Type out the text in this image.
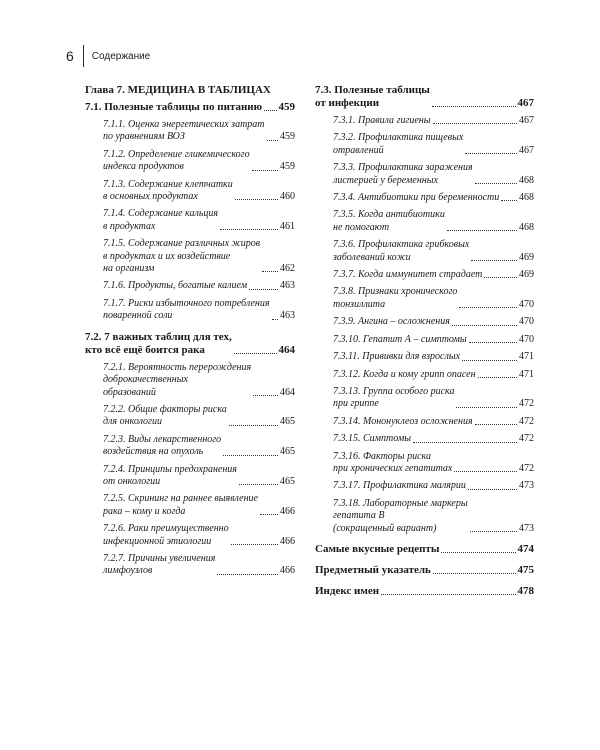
6 Содержание
Глава 7. МЕДИЦИНА В ТАБЛИЦАХ
7.1. Полезные таблицы по питанию 459
7.1.1. Оценка энергетических затрат
по уравнениям ВОЗ	459
7.1.2. Определение гликемического
индекса продуктов	459
7.1.3. Содержание клетчатки
в основных продуктах	460
7.1.4. Содержание кальция
в продуктах	461
7.1.5. Содержание различных жиров
в продуктах и их воздействие
на организм	462
7.1.6. Продукты, богатые калием	463
7.1.7. Риски избыточного потребления
поваренной соли	463
7.2. 7 важных таблиц для тех,
кто всё ещё боится рака	464
7.2.1. Вероятность перерождения
доброкачественных
образований	464
7.2.2. Общие факторы риска
для онкологии	465
7.2.3. Виды лекарственного
воздействия на опухоль	465
7.2.4. Принципы предохранения
от онкологии	465
7.2.5. Скрининг на раннее выявление
рака – кому и когда	466
7.2.6. Раки преимущественно
инфекционной этиологии	466
7.2.7. Причины увеличения
лимфоузлов	466
7.3. Полезные таблицы
от инфекции	467
7.3.1. Правила гигиены	467
7.3.2. Профилактика пищевых
отравлений	467
7.3.3. Профилактика заражения
листерией у беременных	468
7.3.4. Антибиотики при беременности 468
7.3.5. Когда антибиотики
не помогают	468
7.3.6. Профилактика грибковых
заболеваний кожи	469
7.3.7. Когда иммунитет страдает	469
7.3.8. Признаки хронического
тонзиллита	470
7.3.9. Ангина – осложнения	470
7.3.10. Гепатит А – симптомы	470
7.3.11. Прививки для взрослых	471
7.3.12. Когда и кому грипп опасен	471
7.3.13. Группа особого риска
при гриппе	472
7.3.14. Мононуклеоз осложнения	472
7.3.15. Симптомы	472
7.3.16. Факторы риска
при хронических гепатитах	472
7.3.17. Профилактика малярии	473
7.3.18. Лабораторные маркеры
гепатита В
(сокращенный вариант)	473
Самые вкусные рецепты	474
Предметный указатель	475
Индекс имен	478
